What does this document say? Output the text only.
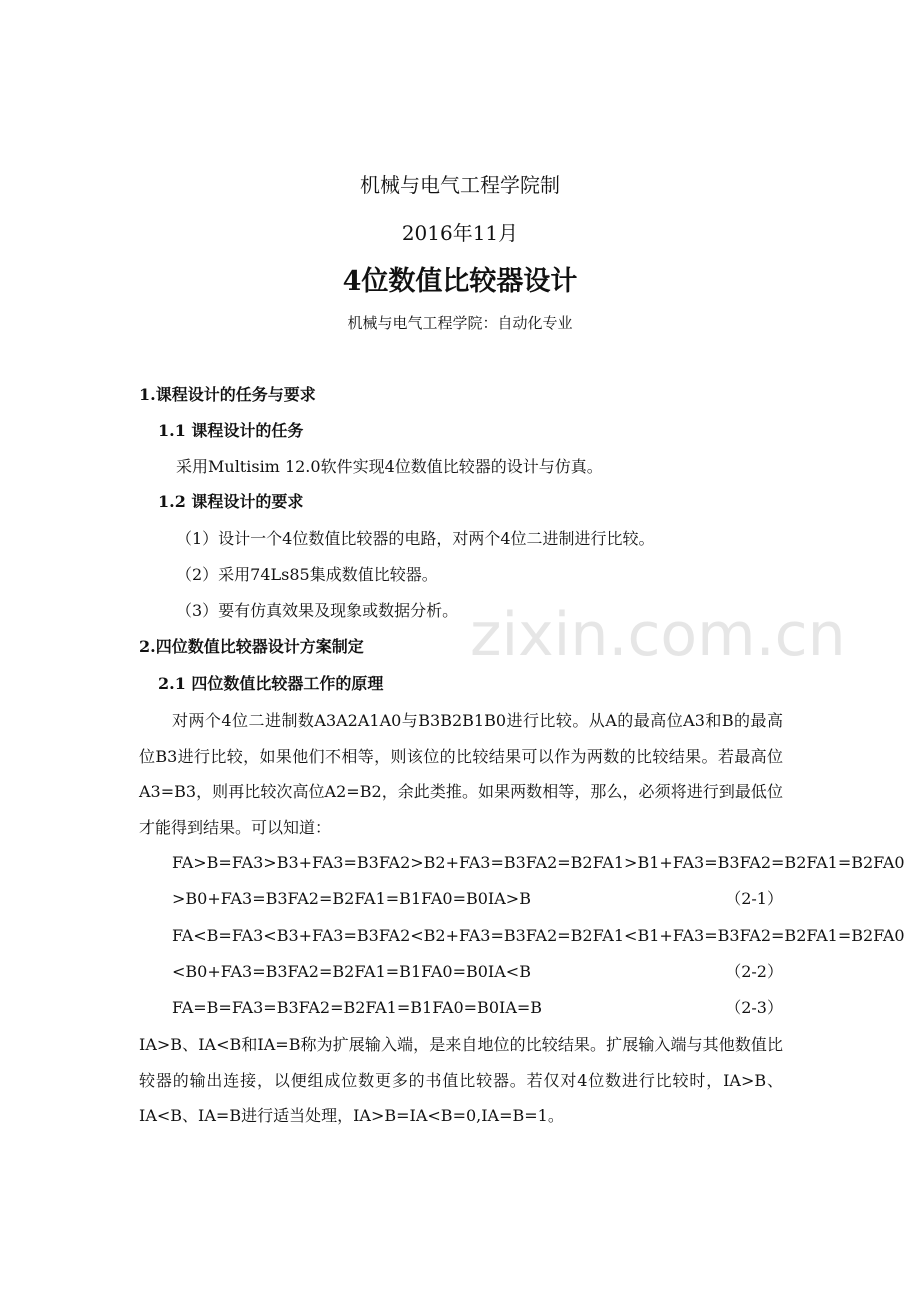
机械与电气工程学院制
2016年11月
4位数值比较器设计
机械与电气工程学院：自动化专业
1.课程设计的任务与要求
1.1 课程设计的任务
采用Multisim 12.0软件实现4位数值比较器的设计与仿真。
1.2 课程设计的要求
（1）设计一个4位数值比较器的电路，对两个4位二进制进行比较。
（2）采用74Ls85集成数值比较器。
（3）要有仿真效果及现象或数据分析。
2.四位数值比较器设计方案制定
2.1 四位数值比较器工作的原理
对两个4位二进制数A3A2A1A0与B3B2B1B0进行比较。从A的最高位A3和B的最高位B3进行比较，如果他们不相等，则该位的比较结果可以作为两数的比较结果。若最高位A3=B3，则再比较次高位A2=B2，余此类推。如果两数相等，那么，必须将进行到最低位才能得到结果。可以知道：
FA>B=FA3>B3+FA3=B3FA2>B2+FA3=B3FA2=B2FA1>B1+FA3=B3FA2=B2FA1=B2FA0
>B0+FA3=B3FA2=B2FA1=B1FA0=B0IA>B	（2-1）
FA<B=FA3<B3+FA3=B3FA2<B2+FA3=B3FA2=B2FA1<B1+FA3=B3FA2=B2FA1=B2FA0
<B0+FA3=B3FA2=B2FA1=B1FA0=B0IA<B	（2-2）
FA=B=FA3=B3FA2=B2FA1=B1FA0=B0IA=B	（2-3）
IA>B、IA<B和IA=B称为扩展输入端，是来自地位的比较结果。扩展输入端与其他数值比较器的输出连接，以便组成位数更多的书值比较器。若仅对4位数进行比较时，IA>B、IA<B、IA=B进行适当处理，IA>B=IA<B=0,IA=B=1。
zixin.com.cn
